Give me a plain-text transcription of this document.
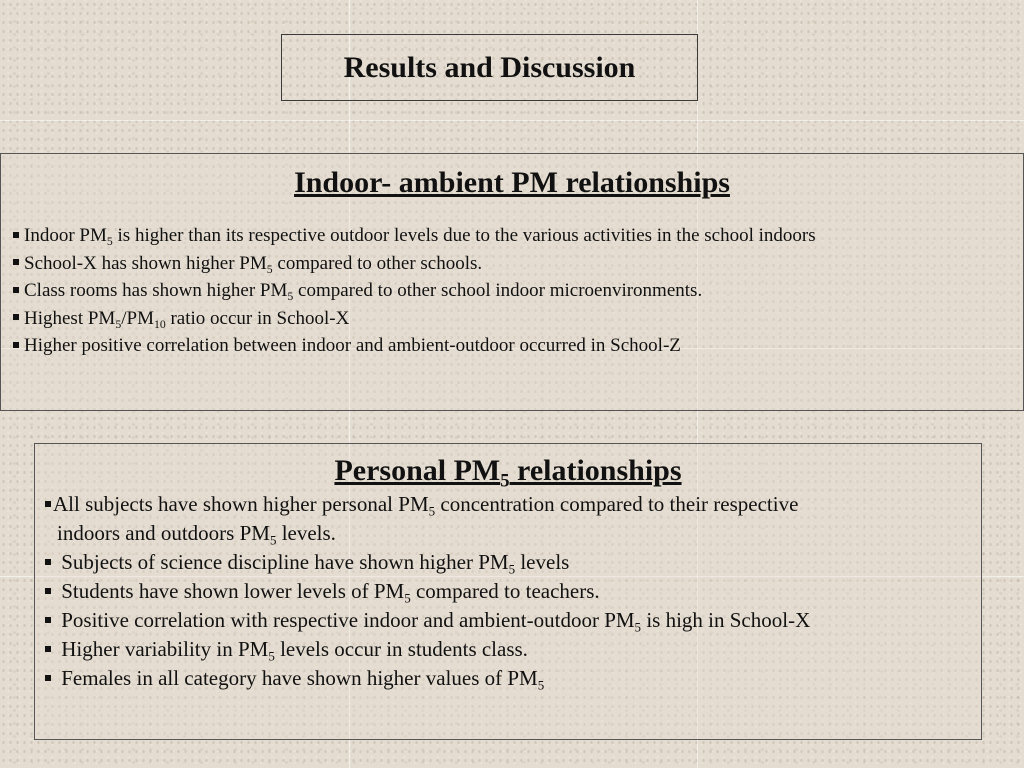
Results and Discussion
Indoor- ambient PM relationships
Indoor $PM_5$ is higher than its respective outdoor levels due to the various activities in the school indoors
School-X has shown higher $PM_5$ compared to other schools.
Class rooms has shown higher $PM_5$ compared to other school indoor microenvironments.
Highest $PM_5/PM_{10}$ ratio occur in School-X
Higher positive correlation between indoor and ambient-outdoor occurred in School-Z
Personal $PM_5$ relationships
All subjects have shown higher personal $PM_5$ concentration compared to their respective
indoors and outdoors $PM_5$ levels.
Subjects of science discipline have shown higher $PM_5$ levels
Students have shown lower levels of $PM_5$ compared to teachers.
Positive correlation with respective indoor and ambient-outdoor $PM_5$ is high in School-X
Higher variability in $PM_5$ levels occur in students class.
Females in all category have shown higher values of $PM_5$
